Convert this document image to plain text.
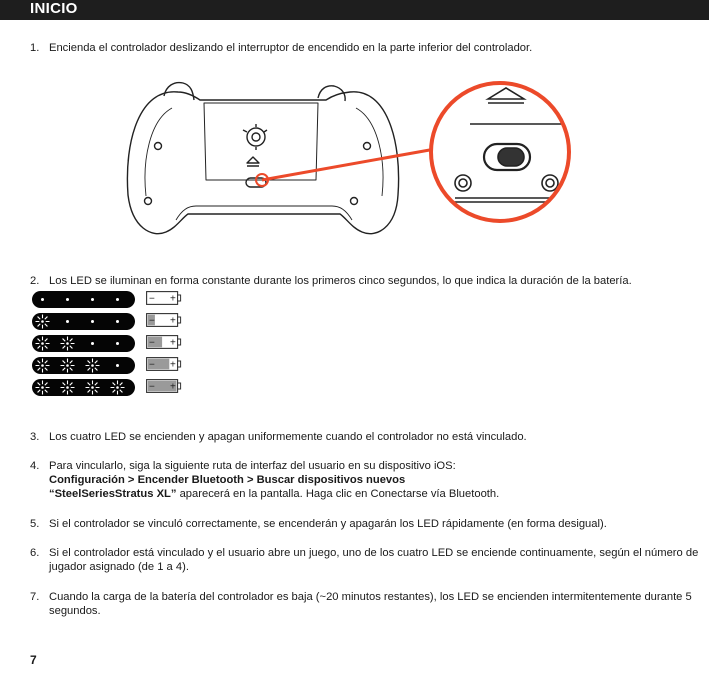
INICIO
1. Encienda el controlador deslizando el interruptor de encendido en la parte inferior del controlador.
2. Los LED se iluminan en forma constante durante los primeros cinco segundos, lo que indica la duración de la batería.
− +
− +
− +
− +
− +
3. Los cuatro LED se encienden y apagan uniformemente cuando el controlador no está vinculado.
4. Para vincularlo, siga la siguiente ruta de interfaz del usuario en su dispositivo iOS:
Configuración > Encender Bluetooth > Buscar dispositivos nuevos
“SteelSeriesStratus XL” aparecerá en la pantalla. Haga clic en Conectarse vía Bluetooth.
5. Si el controlador se vinculó correctamente, se encenderán y apagarán los LED rápidamente (en forma desigual).
6. Si el controlador está vinculado y el usuario abre un juego, uno de los cuatro LED se enciende continuamente, según el número de
jugador asignado (de 1 a 4).
7. Cuando la carga de la batería del controlador es baja (~20 minutos restantes), los LED se encienden intermitentemente durante 5
segundos.
7
